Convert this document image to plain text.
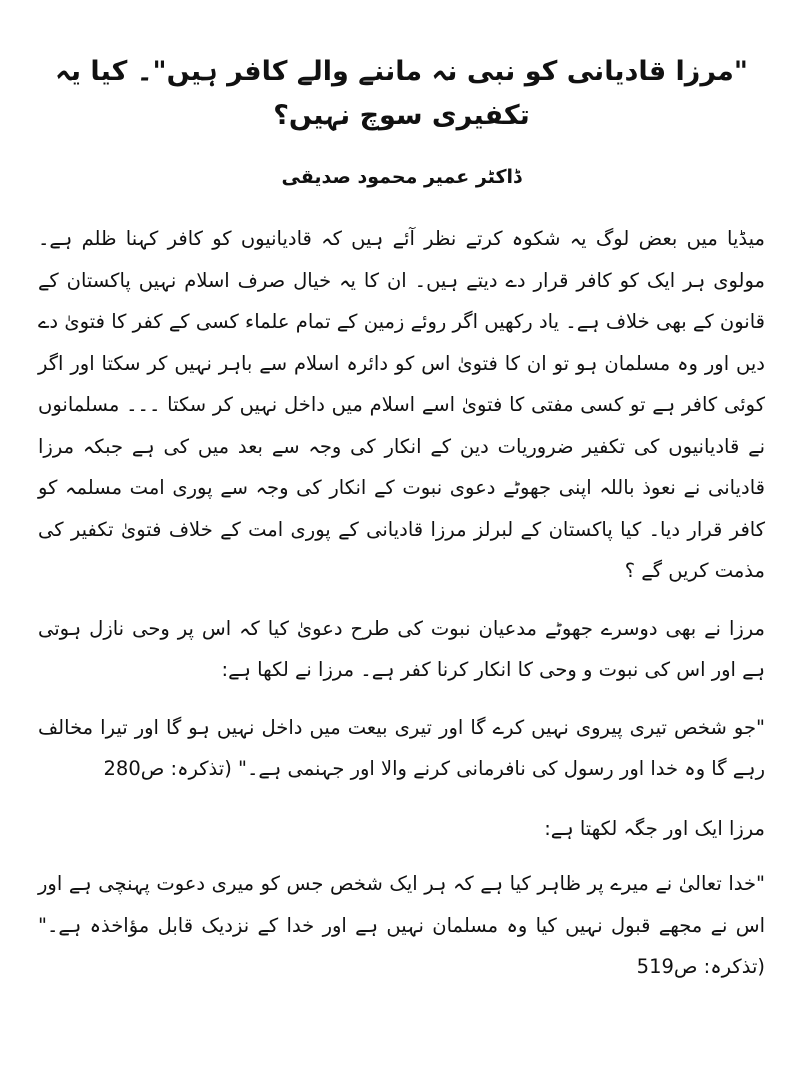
"مرزا قادیانی کو نبی نہ ماننے والے کافر ہیں"۔ کیا یہ تکفیری سوچ نہیں؟
ڈاکٹر عمیر محمود صدیقی

میڈیا میں بعض لوگ یہ شکوہ کرتے نظر آئے ہیں کہ قادیانیوں کو کافر کہنا ظلم ہے۔ مولوی ہر ایک کو کافر قرار دے دیتے ہیں۔ ان کا یہ خیال صرف اسلام نہیں پاکستان کے قانون کے بھی خلاف ہے۔ یاد رکھیں اگر روئے زمین کے تمام علماء کسی کے کفر کا فتویٰ دے دیں اور وہ مسلمان ہو تو ان کا فتویٰ اس کو دائرہ اسلام سے باہر نہیں کر سکتا اور اگر کوئی کافر ہے تو کسی مفتی کا فتویٰ اسے اسلام میں داخل نہیں کر سکتا ۔۔۔ مسلمانوں نے قادیانیوں کی تکفیر ضروریات دین کے انکار کی وجہ سے بعد میں کی ہے جبکہ مرزا قادیانی نے نعوذ باللہ اپنی جھوٹے دعوی نبوت کے انکار کی وجہ سے پوری امت مسلمہ کو کافر قرار دیا۔ کیا پاکستان کے لبرلز مرزا قادیانی کے پوری امت کے خلاف فتویٰ تکفیر کی مذمت کریں گے ؟

مرزا نے بھی دوسرے جھوٹے مدعیان نبوت کی طرح دعویٰ کیا کہ اس پر وحی نازل ہوتی ہے اور اس کی نبوت و وحی کا انکار کرنا کفر ہے۔ مرزا نے لکھا ہے:

"جو شخص تیری پیروی نہیں کرے گا اور تیری بیعت میں داخل نہیں ہو گا اور تیرا مخالف رہے گا وہ خدا اور رسول کی نافرمانی کرنے والا اور جہنمی ہے۔" (تذکرہ: ص280

مرزا ایک اور جگہ لکھتا ہے:

"خدا تعالیٰ نے میرے پر ظاہر کیا ہے کہ ہر ایک شخص جس کو میری دعوت پہنچی ہے اور اس نے مجھے قبول نہیں کیا وہ مسلمان نہیں ہے اور خدا کے نزدیک قابل مؤاخذہ ہے۔" (تذکرہ: ص519
